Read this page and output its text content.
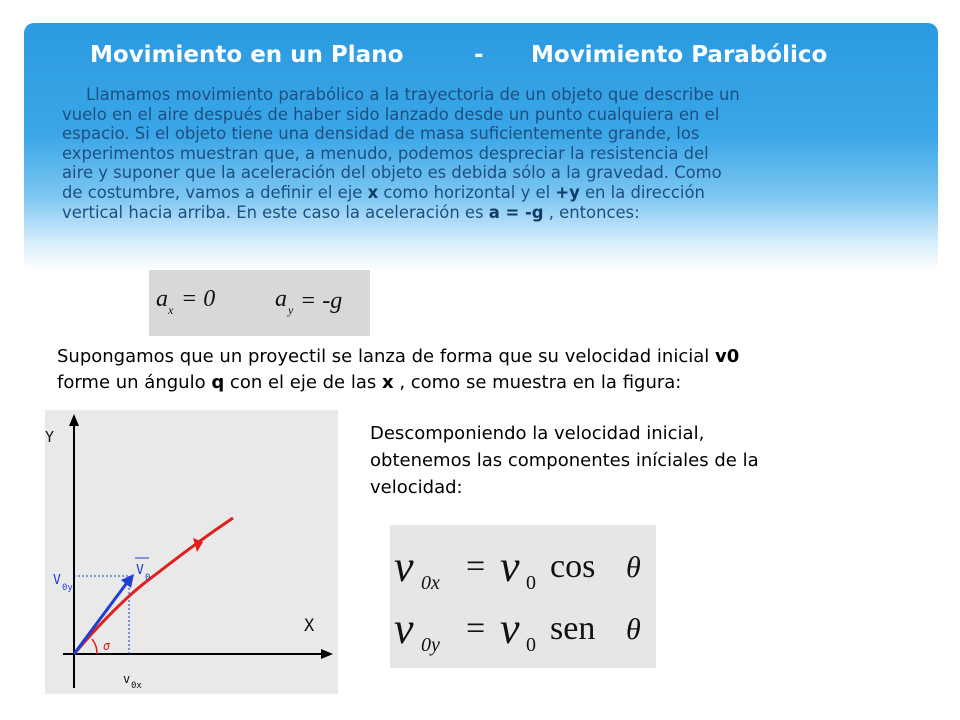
Movimiento en un Plano	- Movimiento Parabólico
Llamamos movimiento parabólico a la trayectoria de un objeto que describe un
vuelo en el aire después de haber sido lanzado desde un punto cualquiera en el
espacio. Si el objeto tiene una densidad de masa suficientemente grande, los
experimentos muestran que, a menudo, podemos despreciar la resistencia del
aire y suponer que la aceleración del objeto es debida sólo a la gravedad. Como
de costumbre, vamos a definir el eje x como horizontal y el +y en la dirección
vertical hacia arriba. En este caso la aceleración es a = -g , entonces:
a x = 0 a y = -g
Supongamos que un proyectil se lanza de forma que su velocidad inicial v0
forme un ángulo q con el eje de las x , como se muestra en la figura:
Y
X
σ
V 0y
V 0
v 0x
Descomponiendo la velocidad inicial,
obtenemos las componentes iníciales de la
velocidad:
v 0x = v 0 cos θ
v 0y = v 0 sen θ
